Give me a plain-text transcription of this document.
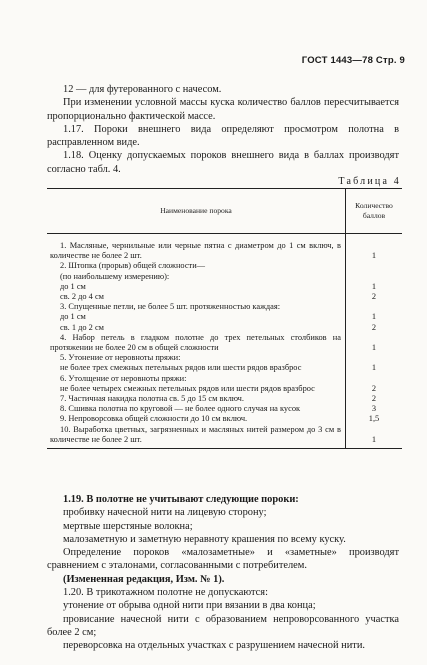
ГОСТ 1443—78 Стр. 9

12 — для футерованного с начесом.

При изменении условной массы куска количество баллов пересчитывается пропорционально фактической массе.

1.17. Пороки внешнего вида определяют просмотром полотна в расправленном виде.

1.18. Оценку допускаемых пороков внешнего вида в баллах производят согласно табл. 4.

Таблица 4
Наименование порока	Количество баллов

1. Масляные, чернильные или черные пятна с диаметром до 1 см включ, в количестве не более 2 шт.	1

2. Штопка (прорыв) общей сложности—	

(по наибольшему измерению):	

до 1 см	1

св. 2 до 4 см	2

3. Спущенные петли, не более 5 шт. протяженностью каждая:	

до 1 см	1

св. 1 до 2 см	2

4. Набор петель в гладком полотне до трех петельных столбиков на протяжении не более 20 см в общей сложности	1

5. Утонение от неровноты пряжи:	

не более трех смежных петельных рядов или шести рядов вразброс	1

6. Утолщение от неровноты пряжи:	

не более четырех смежных петельных рядов или шести рядов вразброс	2

7. Частичная накидка полотна св. 5 до 15 см включ.	2

8. Сшивка полотна по круговой — не более одного случая на кусок	3

9. Непроворсовка общей сложности до 10 см включ.	1,5

10. Выработка цветных, загрязненных и масляных нитей размером до 3 см в количестве не более 2 шт.	1

1.19. В полотне не учитывают следующие пороки:

пробивку начесной нити на лицевую сторону;

мертвые шерстяные волокна;

малозаметную и заметную неравноту крашения по всему куску.

Определение пороков «малозаметные» и «заметные» производят сравнением с эталонами, согласованными с потребителем.

(Измененная редакция, Изм. № 1).

1.20. В трикотажном полотне не допускаются:

утонение от обрыва одной нити при вязании в два конца;

провисание начесной нити с образованием непроворсованного участка более 2 см;

переворсовка на отдельных участках с разрушением начесной нити.
